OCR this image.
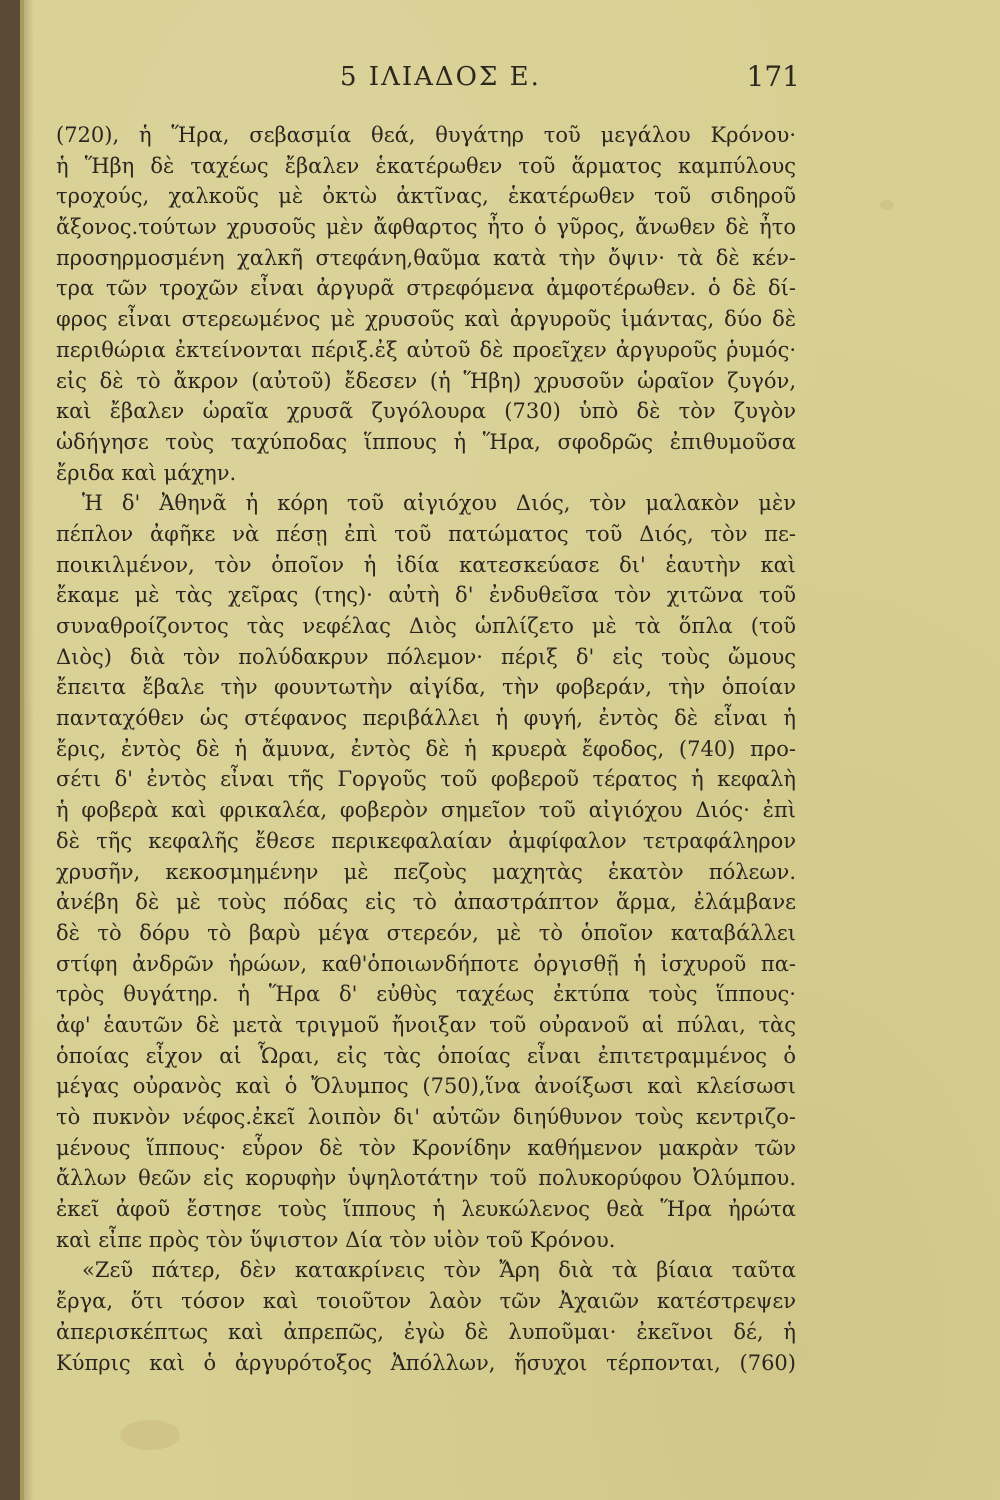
5 ΙΛΙΑΔΟΣ Ε.	171
(720), ἡ Ἥρα, σεβασμία θεά, θυγάτηρ τοῦ μεγάλου Κρόνου·
ἡ Ἥβη δὲ ταχέως ἔβαλεν ἑκατέρωθεν τοῦ ἅρματος καμπύλους
τροχούς, χαλκοῦς μὲ ὀκτὼ ἀκτῖνας, ἑκατέρωθεν τοῦ σιδηροῦ
ἄξονος.τούτων χρυσοῦς μὲν ἄφθαρτος ἦτο ὁ γῦρος, ἄνωθεν δὲ ἦτο
προσηρμοσμένη χαλκῆ στεφάνη,θαῦμα κατὰ τὴν ὄψιν· τὰ δὲ κέν-
τρα τῶν τροχῶν εἶναι ἀργυρᾶ στρεφόμενα ἀμφοτέρωθεν. ὁ δὲ δί-
φρος εἶναι στερεωμένος μὲ χρυσοῦς καὶ ἀργυροῦς ἱμάντας, δύο δὲ
περιθώρια ἐκτείνονται πέριξ.ἐξ αὐτοῦ δὲ προεῖχεν ἀργυροῦς ῥυμός·
εἰς δὲ τὸ ἄκρον (αὐτοῦ) ἔδεσεν (ἡ Ἥβη) χρυσοῦν ὡραῖον ζυγόν,
καὶ ἔβαλεν ὡραῖα χρυσᾶ ζυγόλουρα (730) ὑπὸ δὲ τὸν ζυγὸν
ὡδήγησε τοὺς ταχύποδας ἵππους ἡ Ἥρα, σφοδρῶς ἐπιθυμοῦσα
ἔριδα καὶ μάχην.
Ἡ δ' Ἀθηνᾶ ἡ κόρη τοῦ αἰγιόχου Διός, τὸν μαλακὸν μὲν
πέπλον ἀφῆκε νὰ πέσῃ ἐπὶ τοῦ πατώματος τοῦ Διός, τὸν πε-
ποικιλμένον, τὸν ὁποῖον ἡ ἰδία κατεσκεύασε δι' ἑαυτὴν καὶ
ἔκαμε μὲ τὰς χεῖρας (της)· αὐτὴ δ' ἐνδυθεῖσα τὸν χιτῶνα τοῦ
συναθροίζοντος τὰς νεφέλας Διὸς ὡπλίζετο μὲ τὰ ὅπλα (τοῦ
Διὸς) διὰ τὸν πολύδακρυν πόλεμον· πέριξ δ' εἰς τοὺς ὤμους
ἔπειτα ἔβαλε τὴν φουντωτὴν αἰγίδα, τὴν φοβεράν, τὴν ὁποίαν
πανταχόθεν ὡς στέφανος περιβάλλει ἡ φυγή, ἐντὸς δὲ εἶναι ἡ
ἔρις, ἐντὸς δὲ ἡ ἄμυνα, ἐντὸς δὲ ἡ κρυερὰ ἔφοδος, (740) προ-
σέτι δ' ἐντὸς εἶναι τῆς Γοργοῦς τοῦ φοβεροῦ τέρατος ἡ κεφαλὴ
ἡ φοβερὰ καὶ φρικαλέα, φοβερὸν σημεῖον τοῦ αἰγιόχου Διός· ἐπὶ
δὲ τῆς κεφαλῆς ἔθεσε περικεφαλαίαν ἀμφίφαλον τετραφάληρον
χρυσῆν, κεκοσμημένην μὲ πεζοὺς μαχητὰς ἑκατὸν πόλεων.
ἀνέβη δὲ μὲ τοὺς πόδας εἰς τὸ ἀπαστράπτον ἅρμα, ἐλάμβανε
δὲ τὸ δόρυ τὸ βαρὺ μέγα στερεόν, μὲ τὸ ὁποῖον καταβάλλει
στίφη ἀνδρῶν ἡρώων, καθ'ὁποιωνδήποτε ὀργισθῇ ἡ ἰσχυροῦ πα-
τρὸς θυγάτηρ. ἡ Ἥρα δ' εὐθὺς ταχέως ἐκτύπα τοὺς ἵππους·
ἀφ' ἑαυτῶν δὲ μετὰ τριγμοῦ ἤνοιξαν τοῦ οὐρανοῦ αἱ πύλαι, τὰς
ὁποίας εἶχον αἱ Ὧραι, εἰς τὰς ὁποίας εἶναι ἐπιτετραμμένος ὁ
μέγας οὐρανὸς καὶ ὁ Ὄλυμπος (750),ἵνα ἀνοίξωσι καὶ κλείσωσι
τὸ πυκνὸν νέφος.ἐκεῖ λοιπὸν δι' αὐτῶν διηύθυνον τοὺς κεντριζο-
μένους ἵππους· εὗρον δὲ τὸν Κρονίδην καθήμενον μακρὰν τῶν
ἄλλων θεῶν εἰς κορυφὴν ὑψηλοτάτην τοῦ πολυκορύφου Ὀλύμπου.
ἐκεῖ ἀφοῦ ἔστησε τοὺς ἵππους ἡ λευκώλενος θεὰ Ἥρα ἠρώτα
καὶ εἶπε πρὸς τὸν ὕψιστον Δία τὸν υἱὸν τοῦ Κρόνου.
«Ζεῦ πάτερ, δὲν κατακρίνεις τὸν Ἄρη διὰ τὰ βίαια ταῦτα
ἔργα, ὅτι τόσον καὶ τοιοῦτον λαὸν τῶν Ἀχαιῶν κατέστρεψεν
ἀπερισκέπτως καὶ ἀπρεπῶς, ἐγὼ δὲ λυποῦμαι· ἐκεῖνοι δέ, ἡ
Κύπρις καὶ ὁ ἀργυρότοξος Ἀπόλλων, ἥσυχοι τέρπονται, (760)
